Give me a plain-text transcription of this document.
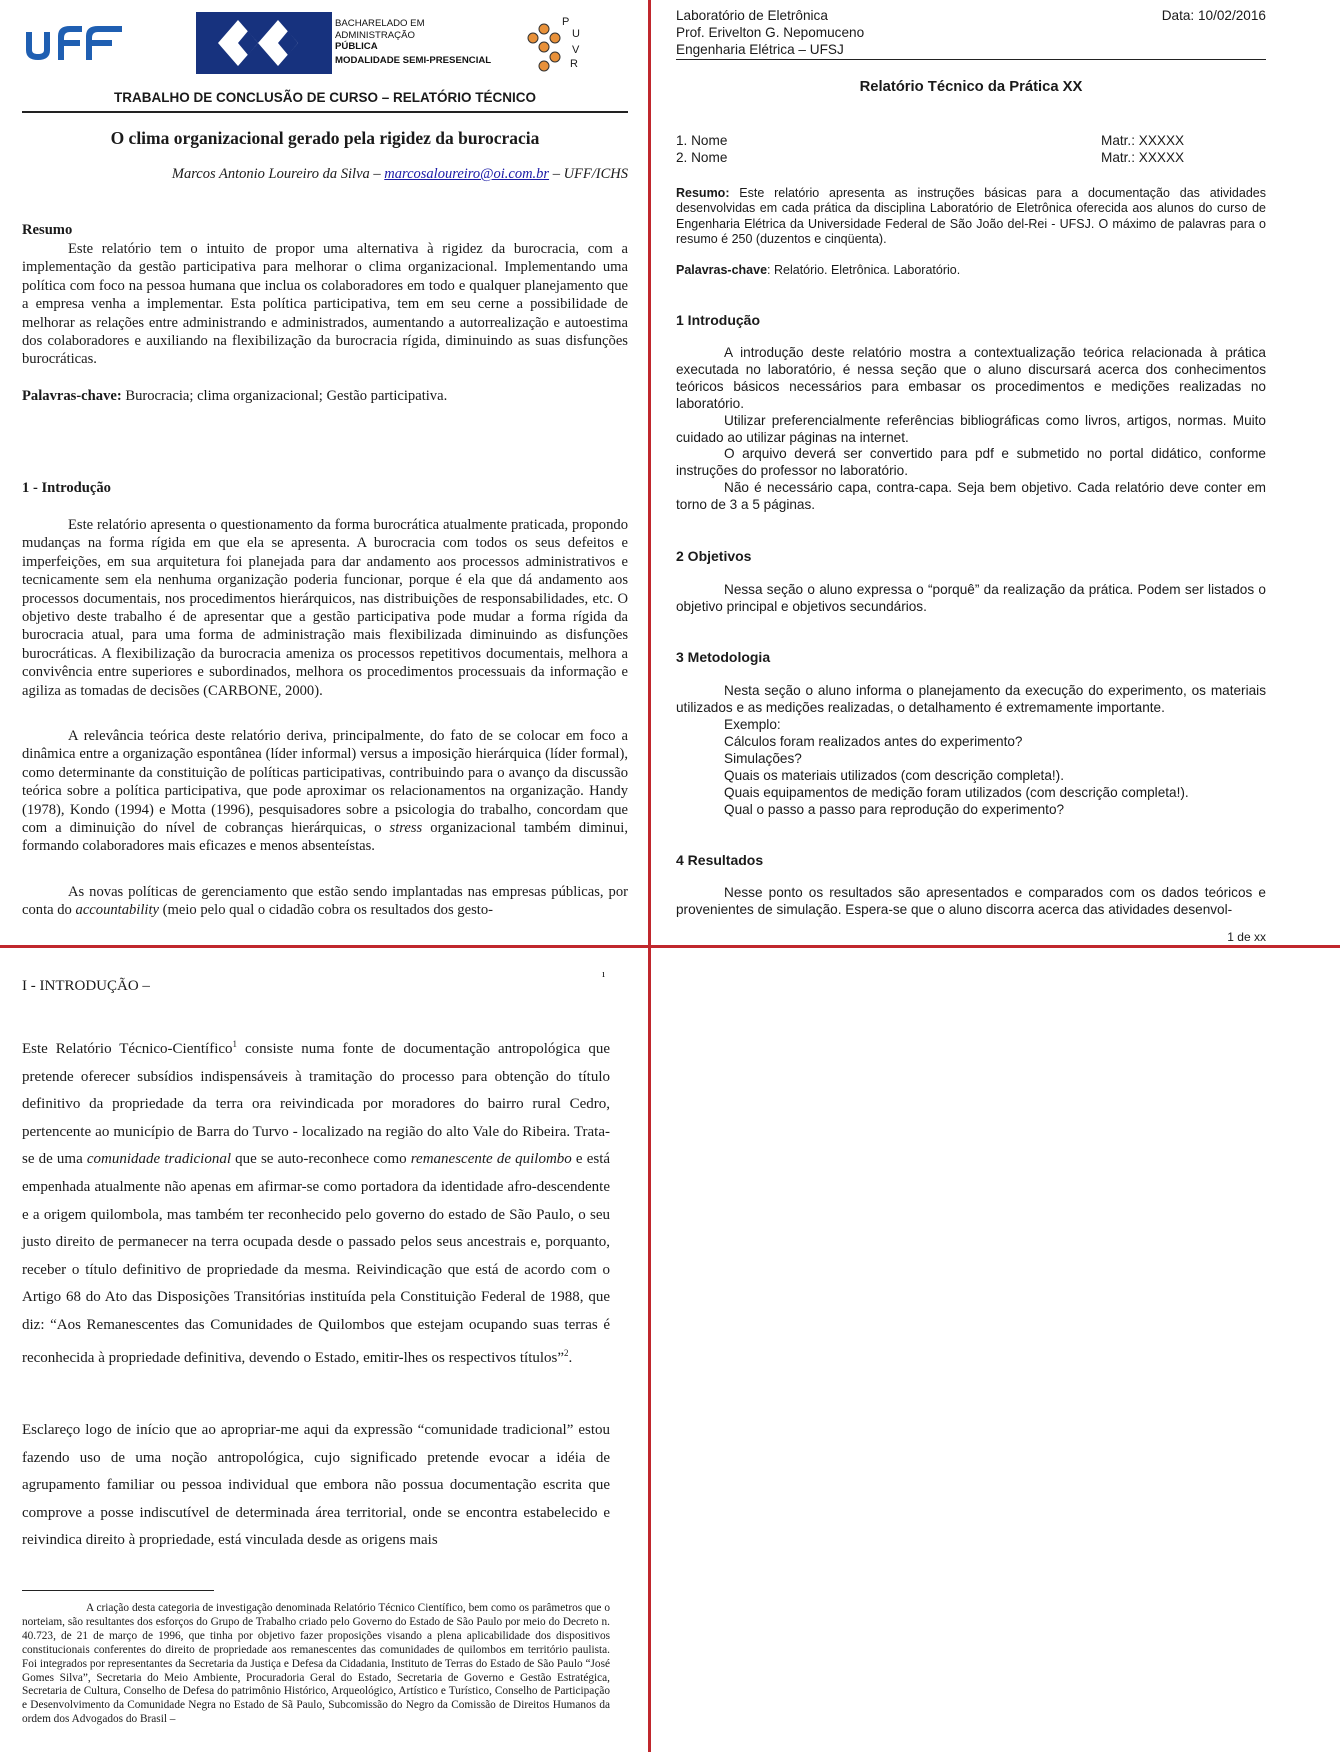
BACHARELADO EM
ADMINISTRAÇÃO
PÚBLICA
MODALIDADE SEMI-PRESENCIAL
P
U
V
R
TRABALHO DE CONCLUSÃO DE CURSO – RELATÓRIO TÉCNICO
O clima organizacional gerado pela rigidez da burocracia
Marcos Antonio Loureiro da Silva – marcosaloureiro@oi.com.br – UFF/ICHS
Resumo
Este relatório tem o intuito de propor uma alternativa à rigidez da burocracia, com a implementação da gestão participativa para melhorar o clima organizacional. Implementando uma política com foco na pessoa humana que inclua os colaboradores em todo e qualquer planejamento que a empresa venha a implementar. Esta política participativa, tem em seu cerne a possibilidade de melhorar as relações entre administrando e administrados, aumentando a autorrealização e autoestima dos colaboradores e auxiliando na flexibilização da burocracia rígida, diminuindo as suas disfunções burocráticas.
Palavras-chave: Burocracia; clima organizacional; Gestão participativa.
1 - Introdução
Este relatório apresenta o questionamento da forma burocrática atualmente praticada, propondo mudanças na forma rígida em que ela se apresenta. A burocracia com todos os seus defeitos e imperfeições, em sua arquitetura foi planejada para dar andamento aos processos administrativos e tecnicamente sem ela nenhuma organização poderia funcionar, porque é ela que dá andamento aos processos documentais, nos procedimentos hierárquicos, nas distribuições de responsabilidades, etc. O objetivo deste trabalho é de apresentar que a gestão participativa pode mudar a forma rígida da burocracia atual, para uma forma de administração mais flexibilizada diminuindo as disfunções burocráticas. A flexibilização da burocracia ameniza os processos repetitivos documentais, melhora a convivência entre superiores e subordinados, melhora os procedimentos processuais da informação e agiliza as tomadas de decisões (CARBONE, 2000).
A relevância teórica deste relatório deriva, principalmente, do fato de se colocar em foco a dinâmica entre a organização espontânea (líder informal) versus a imposição hierárquica (líder formal), como determinante da constituição de políticas participativas, contribuindo para o avanço da discussão teórica sobre a política participativa, que pode aproximar os relacionamentos na organização. Handy (1978), Kondo (1994) e Motta (1996), pesquisadores sobre a psicologia do trabalho, concordam que com a diminuição do nível de cobranças hierárquicas, o stress organizacional também diminui, formando colaboradores mais eficazes e menos absenteístas.
As novas políticas de gerenciamento que estão sendo implantadas nas empresas públicas, por conta do accountability (meio pelo qual o cidadão cobra os resultados dos gesto-
Laboratório de Eletrônica
Prof. Erivelton G. Nepomuceno
Engenharia Elétrica – UFSJ
Data: 10/02/2016
Relatório Técnico da Prática XX
1. Nome	Matr.: XXXXX
2. Nome	Matr.: XXXXX
Resumo: Este relatório apresenta as instruções básicas para a documentação das atividades desenvolvidas em cada prática da disciplina Laboratório de Eletrônica oferecida aos alunos do curso de Engenharia Elétrica da Universidade Federal de São João del-Rei - UFSJ. O máximo de palavras para o resumo é 250 (duzentos e cinqüenta).
Palavras-chave: Relatório. Eletrônica. Laboratório.
1 Introdução
A introdução deste relatório mostra a contextualização teórica relacionada à prática executada no laboratório, é nessa seção que o aluno discursará acerca dos conhecimentos teóricos básicos necessários para embasar os procedimentos e medições realizadas no laboratório.
Utilizar preferencialmente referências bibliográficas como livros, artigos, normas. Muito cuidado ao utilizar páginas na internet.
O arquivo deverá ser convertido para pdf e submetido no portal didático, conforme instruções do professor no laboratório.
Não é necessário capa, contra-capa. Seja bem objetivo. Cada relatório deve conter em torno de 3 a 5 páginas.
2 Objetivos
Nessa seção o aluno expressa o “porquê” da realização da prática. Podem ser listados o objetivo principal e objetivos secundários.
3 Metodologia
Nesta seção o aluno informa o planejamento da execução do experimento, os materiais utilizados e as medições realizadas, o detalhamento é extremamente importante.
Exemplo:
Cálculos foram realizados antes do experimento?
Simulações?
Quais os materiais utilizados (com descrição completa!).
Quais equipamentos de medição foram utilizados (com descrição completa!).
Qual o passo a passo para reprodução do experimento?
4 Resultados
Nesse ponto os resultados são apresentados e comparados com os dados teóricos e provenientes de simulação. Espera-se que o aluno discorra acerca das atividades desenvol-
1 de xx
ı
I - INTRODUÇÃO –
Este Relatório Técnico-Científico$^1$ consiste numa fonte de documentação antropológica que pretende oferecer subsídios indispensáveis à tramitação do processo para obtenção do título definitivo da propriedade da terra ora reivindicada por moradores do bairro rural Cedro, pertencente ao município de Barra do Turvo - localizado na região do alto Vale do Ribeira. Trata-se de uma comunidade tradicional que se auto-reconhece como remanescente de quilombo e está empenhada atualmente não apenas em afirmar-se como portadora da identidade afro-descendente e a origem quilombola, mas também ter reconhecido pelo governo do estado de São Paulo, o seu justo direito de permanecer na terra ocupada desde o passado pelos seus ancestrais e, porquanto, receber o título definitivo de propriedade da mesma. Reivindicação que está de acordo com o Artigo 68 do Ato das Disposições Transitórias instituída pela Constituição Federal de 1988, que diz: “Aos Remanescentes das Comunidades de Quilombos que estejam ocupando suas terras é reconhecida à propriedade definitiva, devendo o Estado, emitir-lhes os respectivos títulos”$^2$.
Esclareço logo de início que ao apropriar-me aqui da expressão “comunidade tradicional” estou fazendo uso de uma noção antropológica, cujo significado pretende evocar a idéia de agrupamento familiar ou pessoa individual que embora não possua documentação escrita que comprove a posse indiscutível de determinada área territorial, onde se encontra estabelecido e reivindica direito à propriedade, está vinculada desde as origens mais
A criação desta categoria de investigação denominada Relatório Técnico Científico, bem como os parâmetros que o norteiam, são resultantes dos esforços do Grupo de Trabalho criado pelo Governo do Estado de São Paulo por meio do Decreto n. 40.723, de 21 de março de 1996, que tinha por objetivo fazer proposições visando a plena aplicabilidade dos dispositivos constitucionais conferentes do direito de propriedade aos remanescentes das comunidades de quilombos em território paulista. Foi integrados por representantes da Secretaria da Justiça e Defesa da Cidadania, Instituto de Terras do Estado de São Paulo “José Gomes Silva”, Secretaria do Meio Ambiente, Procuradoria Geral do Estado, Secretaria de Governo e Gestão Estratégica, Secretaria de Cultura, Conselho de Defesa do patrimônio Histórico, Arqueológico, Artístico e Turístico, Conselho de Participação e Desenvolvimento da Comunidade Negra no Estado de Sã Paulo, Subcomissão do Negro da Comissão de Direitos Humanos da ordem dos Advogados do Brasil –
